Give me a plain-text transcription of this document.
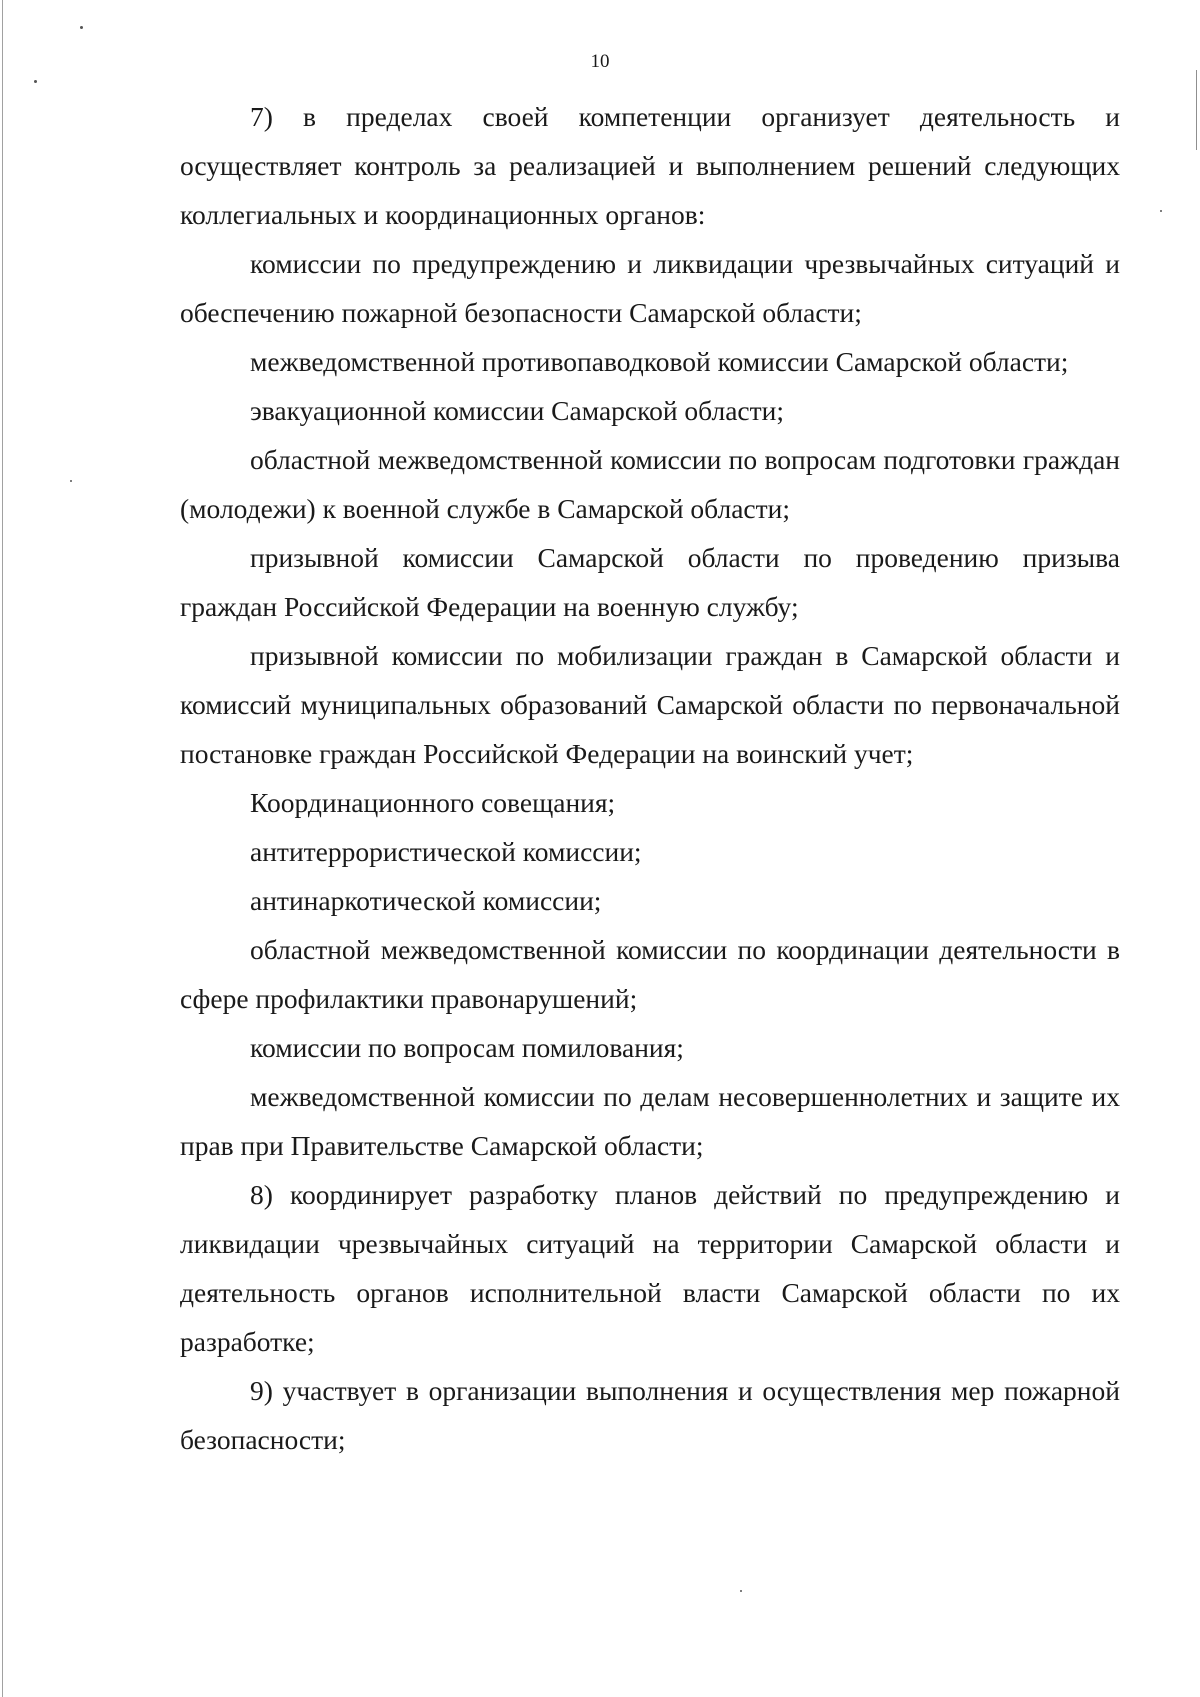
10

7) в пределах своей компетенции организует деятельность и осуществляет контроль за реализацией и выполнением решений следующих коллегиальных и координационных органов:

комиссии по предупреждению и ликвидации чрезвычайных ситуаций и обеспечению пожарной безопасности Самарской области;

межведомственной противопаводковой комиссии Самарской области;

эвакуационной комиссии Самарской области;

областной межведомственной комиссии по вопросам подготовки граждан (молодежи) к военной службе в Самарской области;

призывной комиссии Самарской области по проведению призыва граждан Российской Федерации на военную службу;

призывной комиссии по мобилизации граждан в Самарской области и комиссий муниципальных образований Самарской области по первоначальной постановке граждан Российской Федерации на воинский учет;

Координационного совещания;

антитеррористической комиссии;

антинаркотической комиссии;

областной межведомственной комиссии по координации деятельности в сфере профилактики правонарушений;

комиссии по вопросам помилования;

межведомственной комиссии по делам несовершеннолетних и защите их прав при Правительстве Самарской области;

8) координирует разработку планов действий по предупреждению и ликвидации чрезвычайных ситуаций на территории Самарской области и деятельность органов исполнительной власти Самарской области по их разработке;

9) участвует в организации выполнения и осуществления мер пожарной безопасности;
